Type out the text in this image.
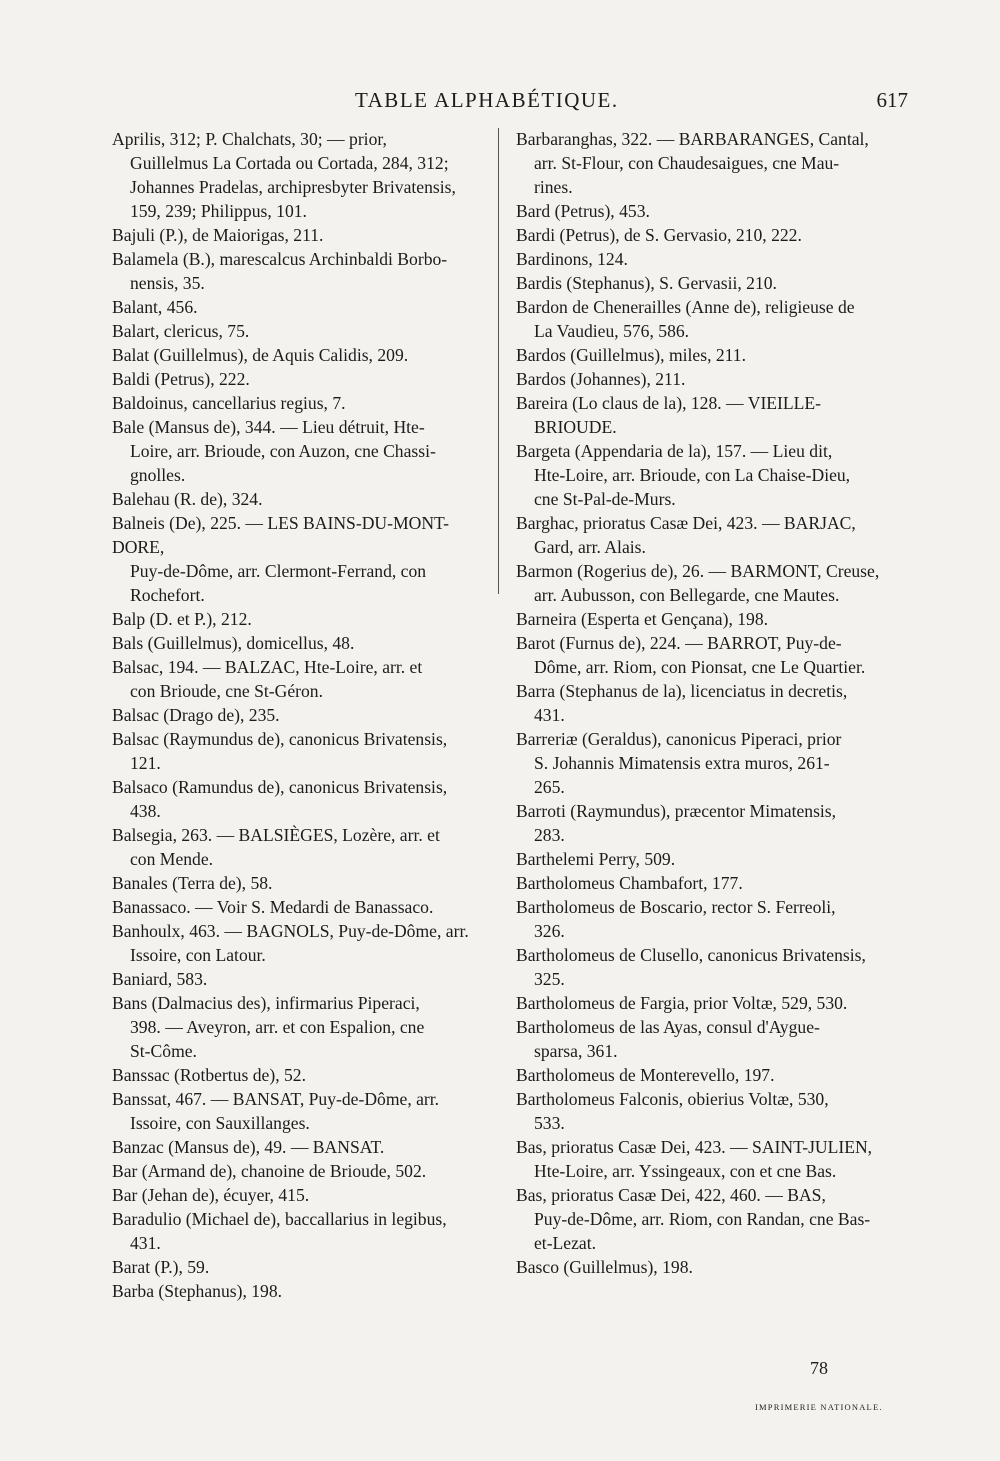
TABLE ALPHABÉTIQUE.	617

Aprilis, 312; P. Chalchats, 30; — prior,
Guillelmus La Cortada ou Cortada, 284, 312;
Johannes Pradelas, archipresbyter Brivatensis,
159, 239; Philippus, 101.

Bajuli (P.), de Maiorigas, 211.

Balamela (B.), marescalcus Archinbaldi Borbo-
nensis, 35.

Balant, 456.

Balart, clericus, 75.

Balat (Guillelmus), de Aquis Calidis, 209.

Baldi (Petrus), 222.

Baldoinus, cancellarius regius, 7.

Bale (Mansus de), 344. — Lieu détruit, Hte-
Loire, arr. Brioude, con Auzon, cne Chassi-
gnolles.

Balehau (R. de), 324.

Balneis (De), 225. — LES BAINS-DU-MONT-DORE,
Puy-de-Dôme, arr. Clermont-Ferrand, con
Rochefort.

Balp (D. et P.), 212.

Bals (Guillelmus), domicellus, 48.

Balsac, 194. — BALZAC, Hte-Loire, arr. et
con Brioude, cne St-Géron.

Balsac (Drago de), 235.

Balsac (Raymundus de), canonicus Brivatensis,
121.

Balsaco (Ramundus de), canonicus Brivatensis,
438.

Balsegia, 263. — BALSIÈGES, Lozère, arr. et
con Mende.

Banales (Terra de), 58.

Banassaco. — Voir S. Medardi de Banassaco.

Banhoulx, 463. — BAGNOLS, Puy-de-Dôme, arr.
Issoire, con Latour.

Baniard, 583.

Bans (Dalmacius des), infirmarius Piperaci,
398. — Aveyron, arr. et con Espalion, cne
St-Côme.

Banssac (Rotbertus de), 52.

Banssat, 467. — BANSAT, Puy-de-Dôme, arr.
Issoire, con Sauxillanges.

Banzac (Mansus de), 49. — BANSAT.

Bar (Armand de), chanoine de Brioude, 502.

Bar (Jehan de), écuyer, 415.

Baradulio (Michael de), baccallarius in legibus,
431.

Barat (P.), 59.

Barba (Stephanus), 198.

Barbaranghas, 322. — BARBARANGES, Cantal,
arr. St-Flour, con Chaudesaigues, cne Mau-
rines.

Bard (Petrus), 453.

Bardi (Petrus), de S. Gervasio, 210, 222.

Bardinons, 124.

Bardis (Stephanus), S. Gervasii, 210.

Bardon de Chenerailles (Anne de), religieuse de
La Vaudieu, 576, 586.

Bardos (Guillelmus), miles, 211.

Bardos (Johannes), 211.

Bareira (Lo claus de la), 128. — VIEILLE-
BRIOUDE.

Bargeta (Appendaria de la), 157. — Lieu dit,
Hte-Loire, arr. Brioude, con La Chaise-Dieu,
cne St-Pal-de-Murs.

Barghac, prioratus Casæ Dei, 423. — BARJAC,
Gard, arr. Alais.

Barmon (Rogerius de), 26. — BARMONT, Creuse,
arr. Aubusson, con Bellegarde, cne Mautes.

Barneira (Esperta et Gençana), 198.

Barot (Furnus de), 224. — BARROT, Puy-de-
Dôme, arr. Riom, con Pionsat, cne Le Quartier.

Barra (Stephanus de la), licenciatus in decretis,
431.

Barreriæ (Geraldus), canonicus Piperaci, prior
S. Johannis Mimatensis extra muros, 261-
265.

Barroti (Raymundus), præcentor Mimatensis,
283.

Barthelemi Perry, 509.

Bartholomeus Chambafort, 177.

Bartholomeus de Boscario, rector S. Ferreoli,
326.

Bartholomeus de Clusello, canonicus Brivatensis,
325.

Bartholomeus de Fargia, prior Voltæ, 529, 530.

Bartholomeus de las Ayas, consul d'Aygue-
sparsa, 361.

Bartholomeus de Monterevello, 197.

Bartholomeus Falconis, obierius Voltæ, 530,
533.

Bas, prioratus Casæ Dei, 423. — SAINT-JULIEN,
Hte-Loire, arr. Yssingeaux, con et cne Bas.

Bas, prioratus Casæ Dei, 422, 460. — BAS,
Puy-de-Dôme, arr. Riom, con Randan, cne Bas-
et-Lezat.

Basco (Guillelmus), 198.

78
IMPRIMERIE NATIONALE.
